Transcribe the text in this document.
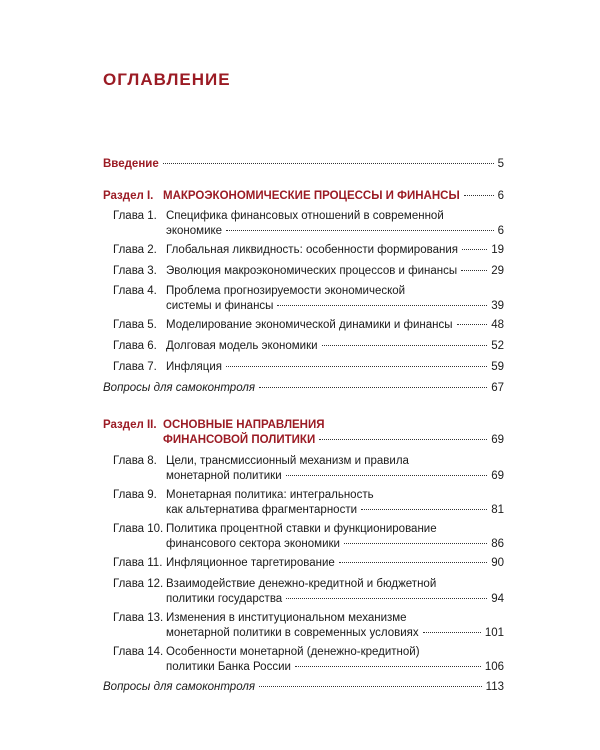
ОГЛАВЛЕНИЕ
Введение	5
Раздел I. МАКРОЭКОНОМИЧЕСКИЕ ПРОЦЕССЫ И ФИНАНСЫ	6
Глава 1. Специфика финансовых отношений в современной
экономике	6
Глава 2. Глобальная ликвидность: особенности формирования	19
Глава 3. Эволюция макроэкономических процессов и финансы	29
Глава 4. Проблема прогнозируемости экономической
системы и финансы	39
Глава 5. Моделирование экономической динамики и финансы	48
Глава 6. Долговая модель экономики	52
Глава 7. Инфляция	59
Вопросы для самоконтроля	67
Раздел II. ОСНОВНЫЕ НАПРАВЛЕНИЯ
ФИНАНСОВОЙ ПОЛИТИКИ	69
Глава 8. Цели, трансмиссионный механизм и правила
монетарной политики	69
Глава 9. Монетарная политика: интегральность
как альтернатива фрагментарности	81
Глава 10. Политика процентной ставки и функционирование
финансового сектора экономики	86
Глава 11. Инфляционное таргетирование	90
Глава 12. Взаимодействие денежно-кредитной и бюджетной
политики государства	94
Глава 13. Изменения в институциональном механизме
монетарной политики в современных условиях	101
Глава 14. Особенности монетарной (денежно-кредитной)
политики Банка России	106
Вопросы для самоконтроля	113
